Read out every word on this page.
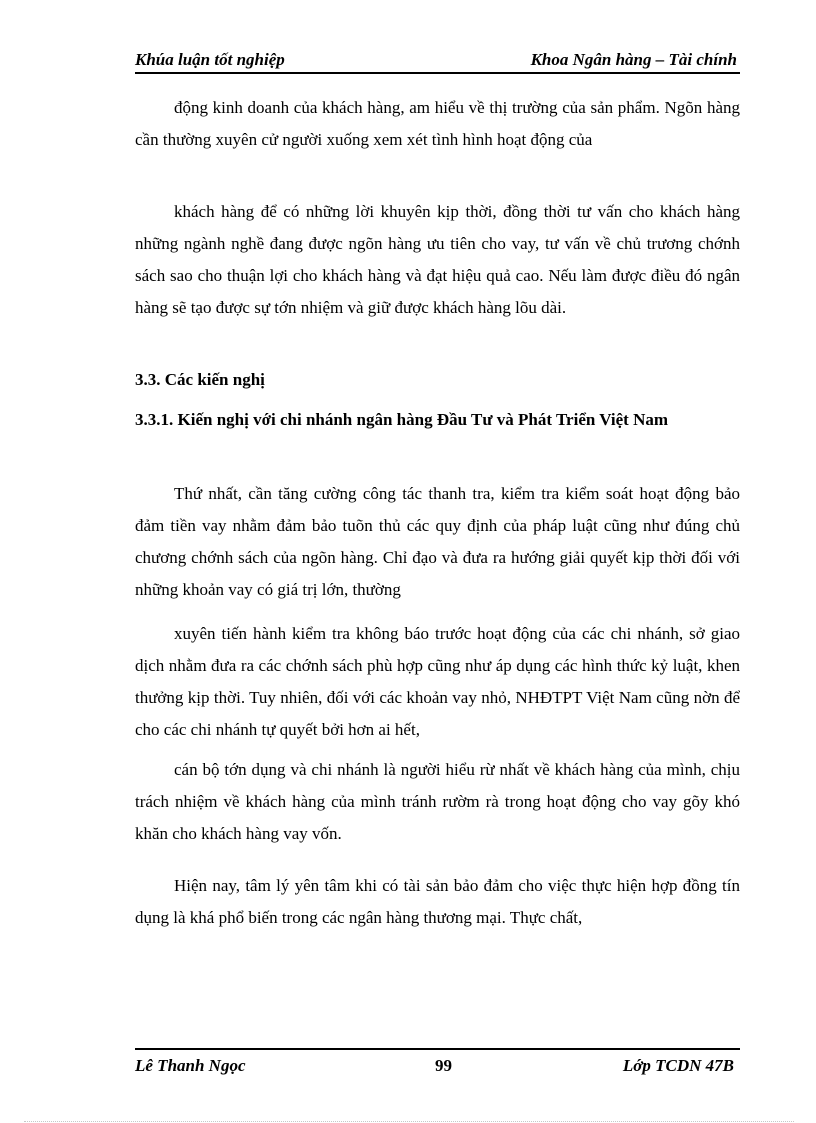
Khúa luận tốt nghiệp	Khoa Ngân hàng – Tài chính

động kinh doanh của khách hàng, am hiểu về thị trường của sản phẩm. Ngõn hàng cần thường xuyên cử người xuống xem xét tình hình hoạt động của

khách hàng để có những lời khuyên kịp thời, đồng thời tư vấn cho khách hàng những ngành nghề đang được ngõn hàng ưu tiên cho vay, tư vấn về chủ trương chớnh sách sao cho thuận lợi cho khách hàng và đạt hiệu quả cao. Nếu làm được điều đó ngân hàng sẽ tạo được sự tớn nhiệm và giữ được khách hàng lõu dài.

3.3. Các kiến nghị

3.3.1. Kiến nghị với chi nhánh ngân hàng Đầu Tư và Phát Triển Việt Nam

Thứ nhất, cần tăng cường công tác thanh tra, kiểm tra kiểm soát hoạt động bảo đảm tiền vay nhằm đảm bảo tuõn thủ các quy định của pháp luật cũng như đúng chủ chương chớnh sách của ngõn hàng. Chỉ đạo và đưa ra hướng giải quyết kịp thời đối với những khoản vay có giá trị lớn, thường

xuyên tiến hành kiểm tra không báo trước hoạt động của các chi nhánh, sở giao dịch nhằm đưa ra các chớnh sách phù hợp cũng như áp dụng các hình thức kỷ luật, khen thưởng kịp thời. Tuy nhiên, đối với các khoản vay nhỏ, NHĐTPT Việt Nam cũng nờn để cho các chi nhánh tự quyết bởi hơn ai hết,

cán bộ tớn dụng và chi nhánh là người hiểu rừ nhất về khách hàng của mình, chịu trách nhiệm về khách hàng của mình tránh rườm rà trong hoạt động cho vay gõy khó khăn cho khách hàng vay vốn.

Hiện nay, tâm lý yên tâm khi có tài sản bảo đảm cho việc thực hiện hợp đồng tín dụng là khá phổ biến trong các ngân hàng thương mại. Thực chất,

Lê Thanh Ngọc	99	Lớp TCDN 47B
